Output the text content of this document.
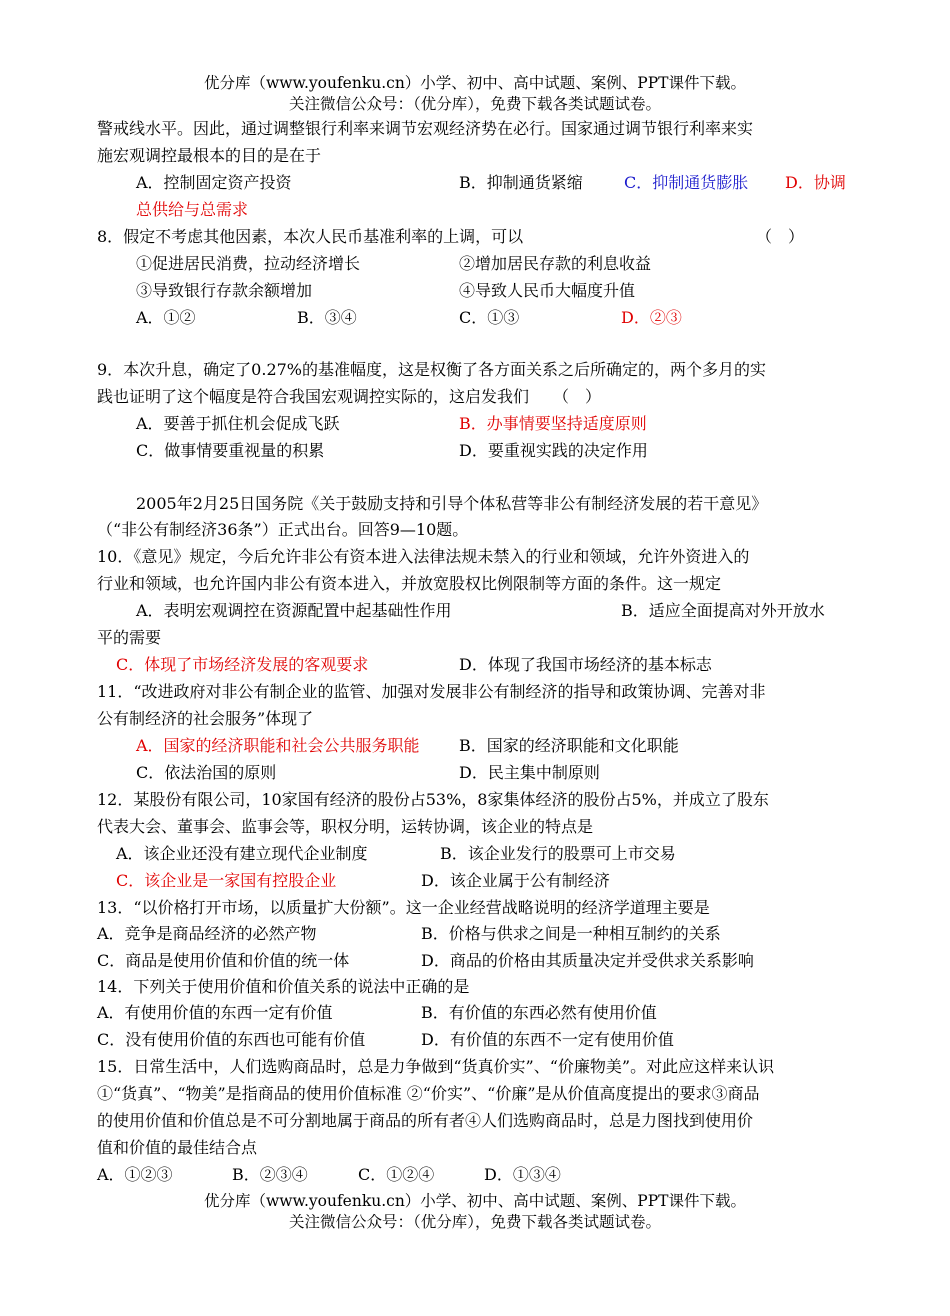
优分库（www.youfenku.cn）小学、初中、高中试题、案例、PPT课件下载。
关注微信公众号：（优分库），免费下载各类试题试卷。
警戒线水平。因此，通过调整银行利率来调节宏观经济势在必行。国家通过调节银行利率来实
施宏观调控最根本的目的是在于
A．控制固定资产投资	B．抑制通货紧缩	C．抑制通货膨胀 D．协调
总供给与总需求
8．假定不考虑其他因素，本次人民币基准利率的上调，可以	（　）
①促进居民消费，拉动经济增长	②增加居民存款的利息收益
③导致银行存款余额增加	④导致人民币大幅度升值
A．①②	B．③④	C．①③	D．②③
9．本次升息，确定了0.27%的基准幅度，这是权衡了各方面关系之后所确定的，两个多月的实
践也证明了这个幅度是符合我国宏观调控实际的，这启发我们　　（　）
A．要善于抓住机会促成飞跃	B．办事情要坚持适度原则
C．做事情要重视量的积累	D．要重视实践的决定作用
2005年2月25日国务院《关于鼓励支持和引导个体私营等非公有制经济发展的若干意见》
（“非公有制经济36条”）正式出台。回答9—10题。
10．《意见》规定，今后允许非公有资本进入法律法规未禁入的行业和领域，允许外资进入的
行业和领域，也允许国内非公有资本进入，并放宽股权比例限制等方面的条件。这一规定
A．表明宏观调控在资源配置中起基础性作用	B．适应全面提高对外开放水
平的需要
C．体现了市场经济发展的客观要求	D．体现了我国市场经济的基本标志
11．“改进政府对非公有制企业的监管、加强对发展非公有制经济的指导和政策协调、完善对非
公有制经济的社会服务”体现了
A．国家的经济职能和社会公共服务职能 B．国家的经济职能和文化职能
C．依法治国的原则	D．民主集中制原则
12．某股份有限公司，10家国有经济的股份占53%，8家集体经济的股份占5%，并成立了股东
代表大会、董事会、监事会等，职权分明，运转协调，该企业的特点是
A．该企业还没有建立现代企业制度	B．该企业发行的股票可上市交易
C．该企业是一家国有控股企业	D．该企业属于公有制经济
13．“以价格打开市场，以质量扩大份额”。这一企业经营战略说明的经济学道理主要是
A．竞争是商品经济的必然产物	B．价格与供求之间是一种相互制约的关系
C．商品是使用价值和价值的统一体	D．商品的价格由其质量决定并受供求关系影响
14．下列关于使用价值和价值关系的说法中正确的是
A．有使用价值的东西一定有价值	B．有价值的东西必然有使用价值
C．没有使用价值的东西也可能有价值	D．有价值的东西不一定有使用价值
15．日常生活中，人们选购商品时，总是力争做到“货真价实”、“价廉物美”。对此应这样来认识
①“货真”、“物美”是指商品的使用价值标准 ②“价实”、“价廉”是从价值高度提出的要求③商品
的使用价值和价值总是不可分割地属于商品的所有者④人们选购商品时，总是力图找到使用价
值和价值的最佳结合点
A．①②③	B．②③④	C．①②④	D．①③④
优分库（www.youfenku.cn）小学、初中、高中试题、案例、PPT课件下载。
关注微信公众号：（优分库），免费下载各类试题试卷。
